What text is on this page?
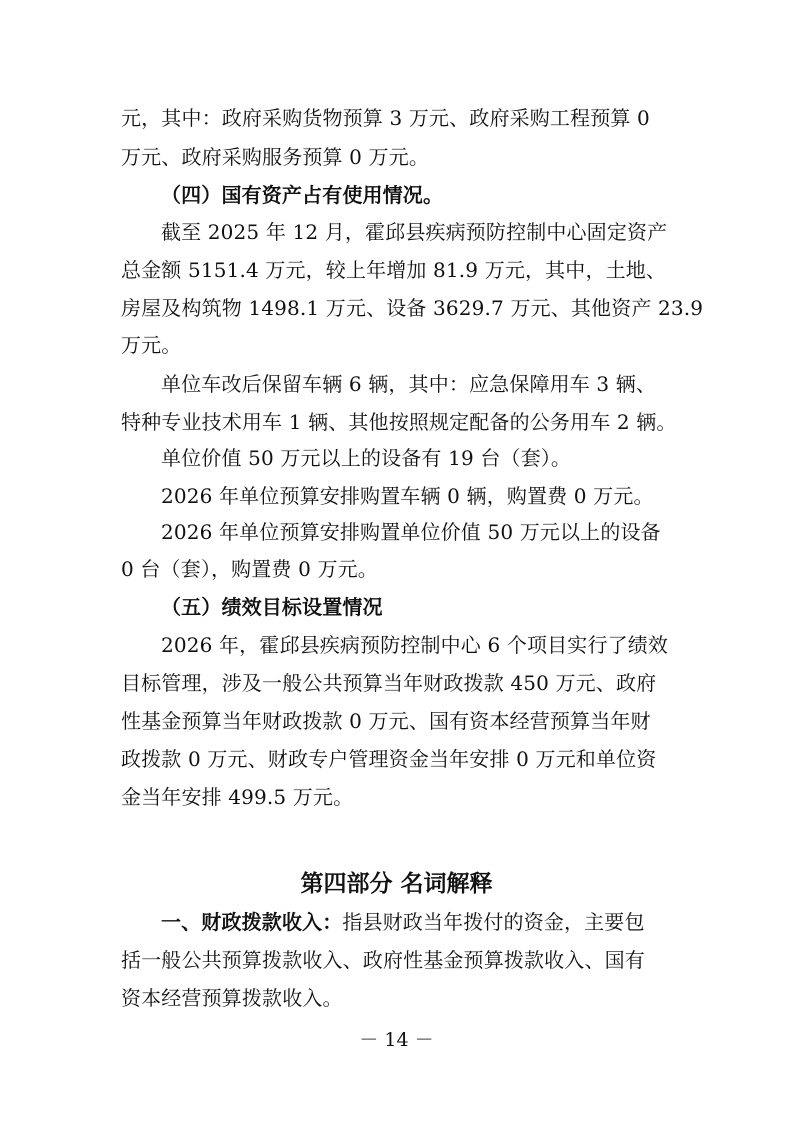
元，其中：政府采购货物预算 3 万元、政府采购工程预算 0
万元、政府采购服务预算 0 万元。
（四）国有资产占有使用情况。
截至 2025 年 12 月，霍邱县疾病预防控制中心固定资产
总金额 5151.4 万元，较上年增加 81.9 万元，其中，土地、
房屋及构筑物 1498.1 万元、设备 3629.7 万元、其他资产 23.9
万元。
单位车改后保留车辆 6 辆，其中：应急保障用车 3 辆、
特种专业技术用车 1 辆、其他按照规定配备的公务用车 2 辆。
单位价值 50 万元以上的设备有 19 台（套）。
2026 年单位预算安排购置车辆 0 辆，购置费 0 万元。
2026 年单位预算安排购置单位价值 50 万元以上的设备
0 台（套），购置费 0 万元。
（五）绩效目标设置情况
2026 年，霍邱县疾病预防控制中心 6 个项目实行了绩效
目标管理，涉及一般公共预算当年财政拨款 450 万元、政府
性基金预算当年财政拨款 0 万元、国有资本经营预算当年财
政拨款 0 万元、财政专户管理资金当年安排 0 万元和单位资
金当年安排 499.5 万元。
第四部分 名词解释
一、财政拨款收入：指县财政当年拨付的资金，主要包
括一般公共预算拨款收入、政府性基金预算拨款收入、国有
资本经营预算拨款收入。
－ 14 －
